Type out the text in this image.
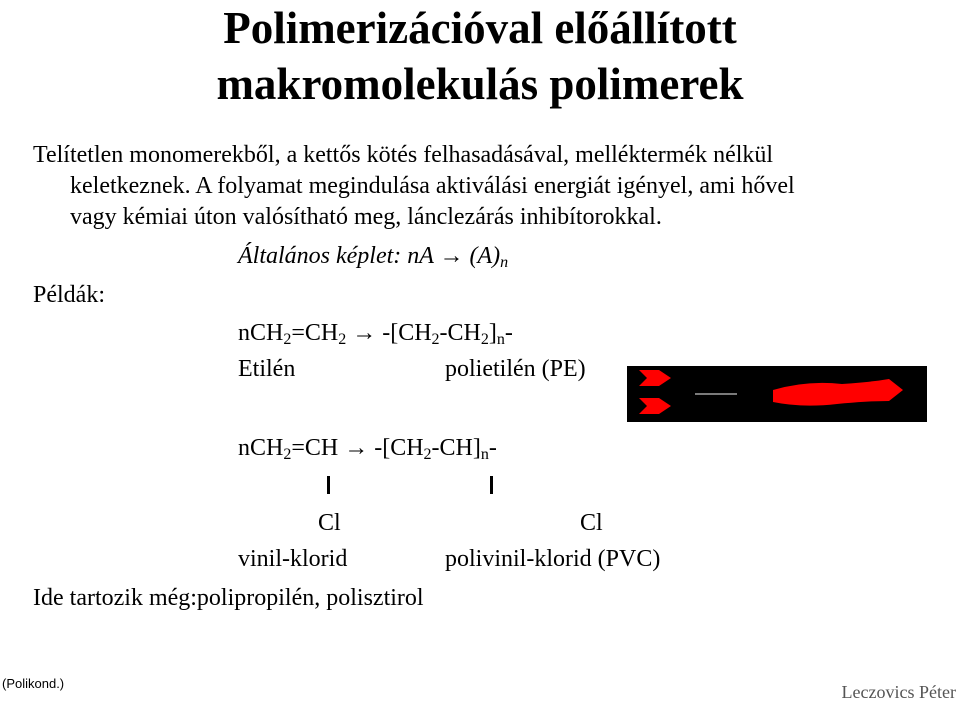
Polimerizációval előállított
makromolekulás polimerek
Telítetlen monomerekből, a kettős kötés felhasadásával, melléktermék nélkül
keletkeznek. A folyamat megindulása aktiválási energiát igényel, ami hővel
vagy kémiai úton valósítható meg, lánclezárás inhibítorokkal.
Általános képlet: nA → $(A)_n$
Példák:
$nCH_2=CH_2 \to -[CH_2-CH_2]_n-$
Etilén	polietilén (PE)
$nCH_2=CH \to -[CH_2-CH]_n-$
Cl	Cl
vinil-klorid	polivinil-klorid (PVC)
Ide tartozik még:polipropilén, polisztirol
(Polikond.)	Leczovics Péter
